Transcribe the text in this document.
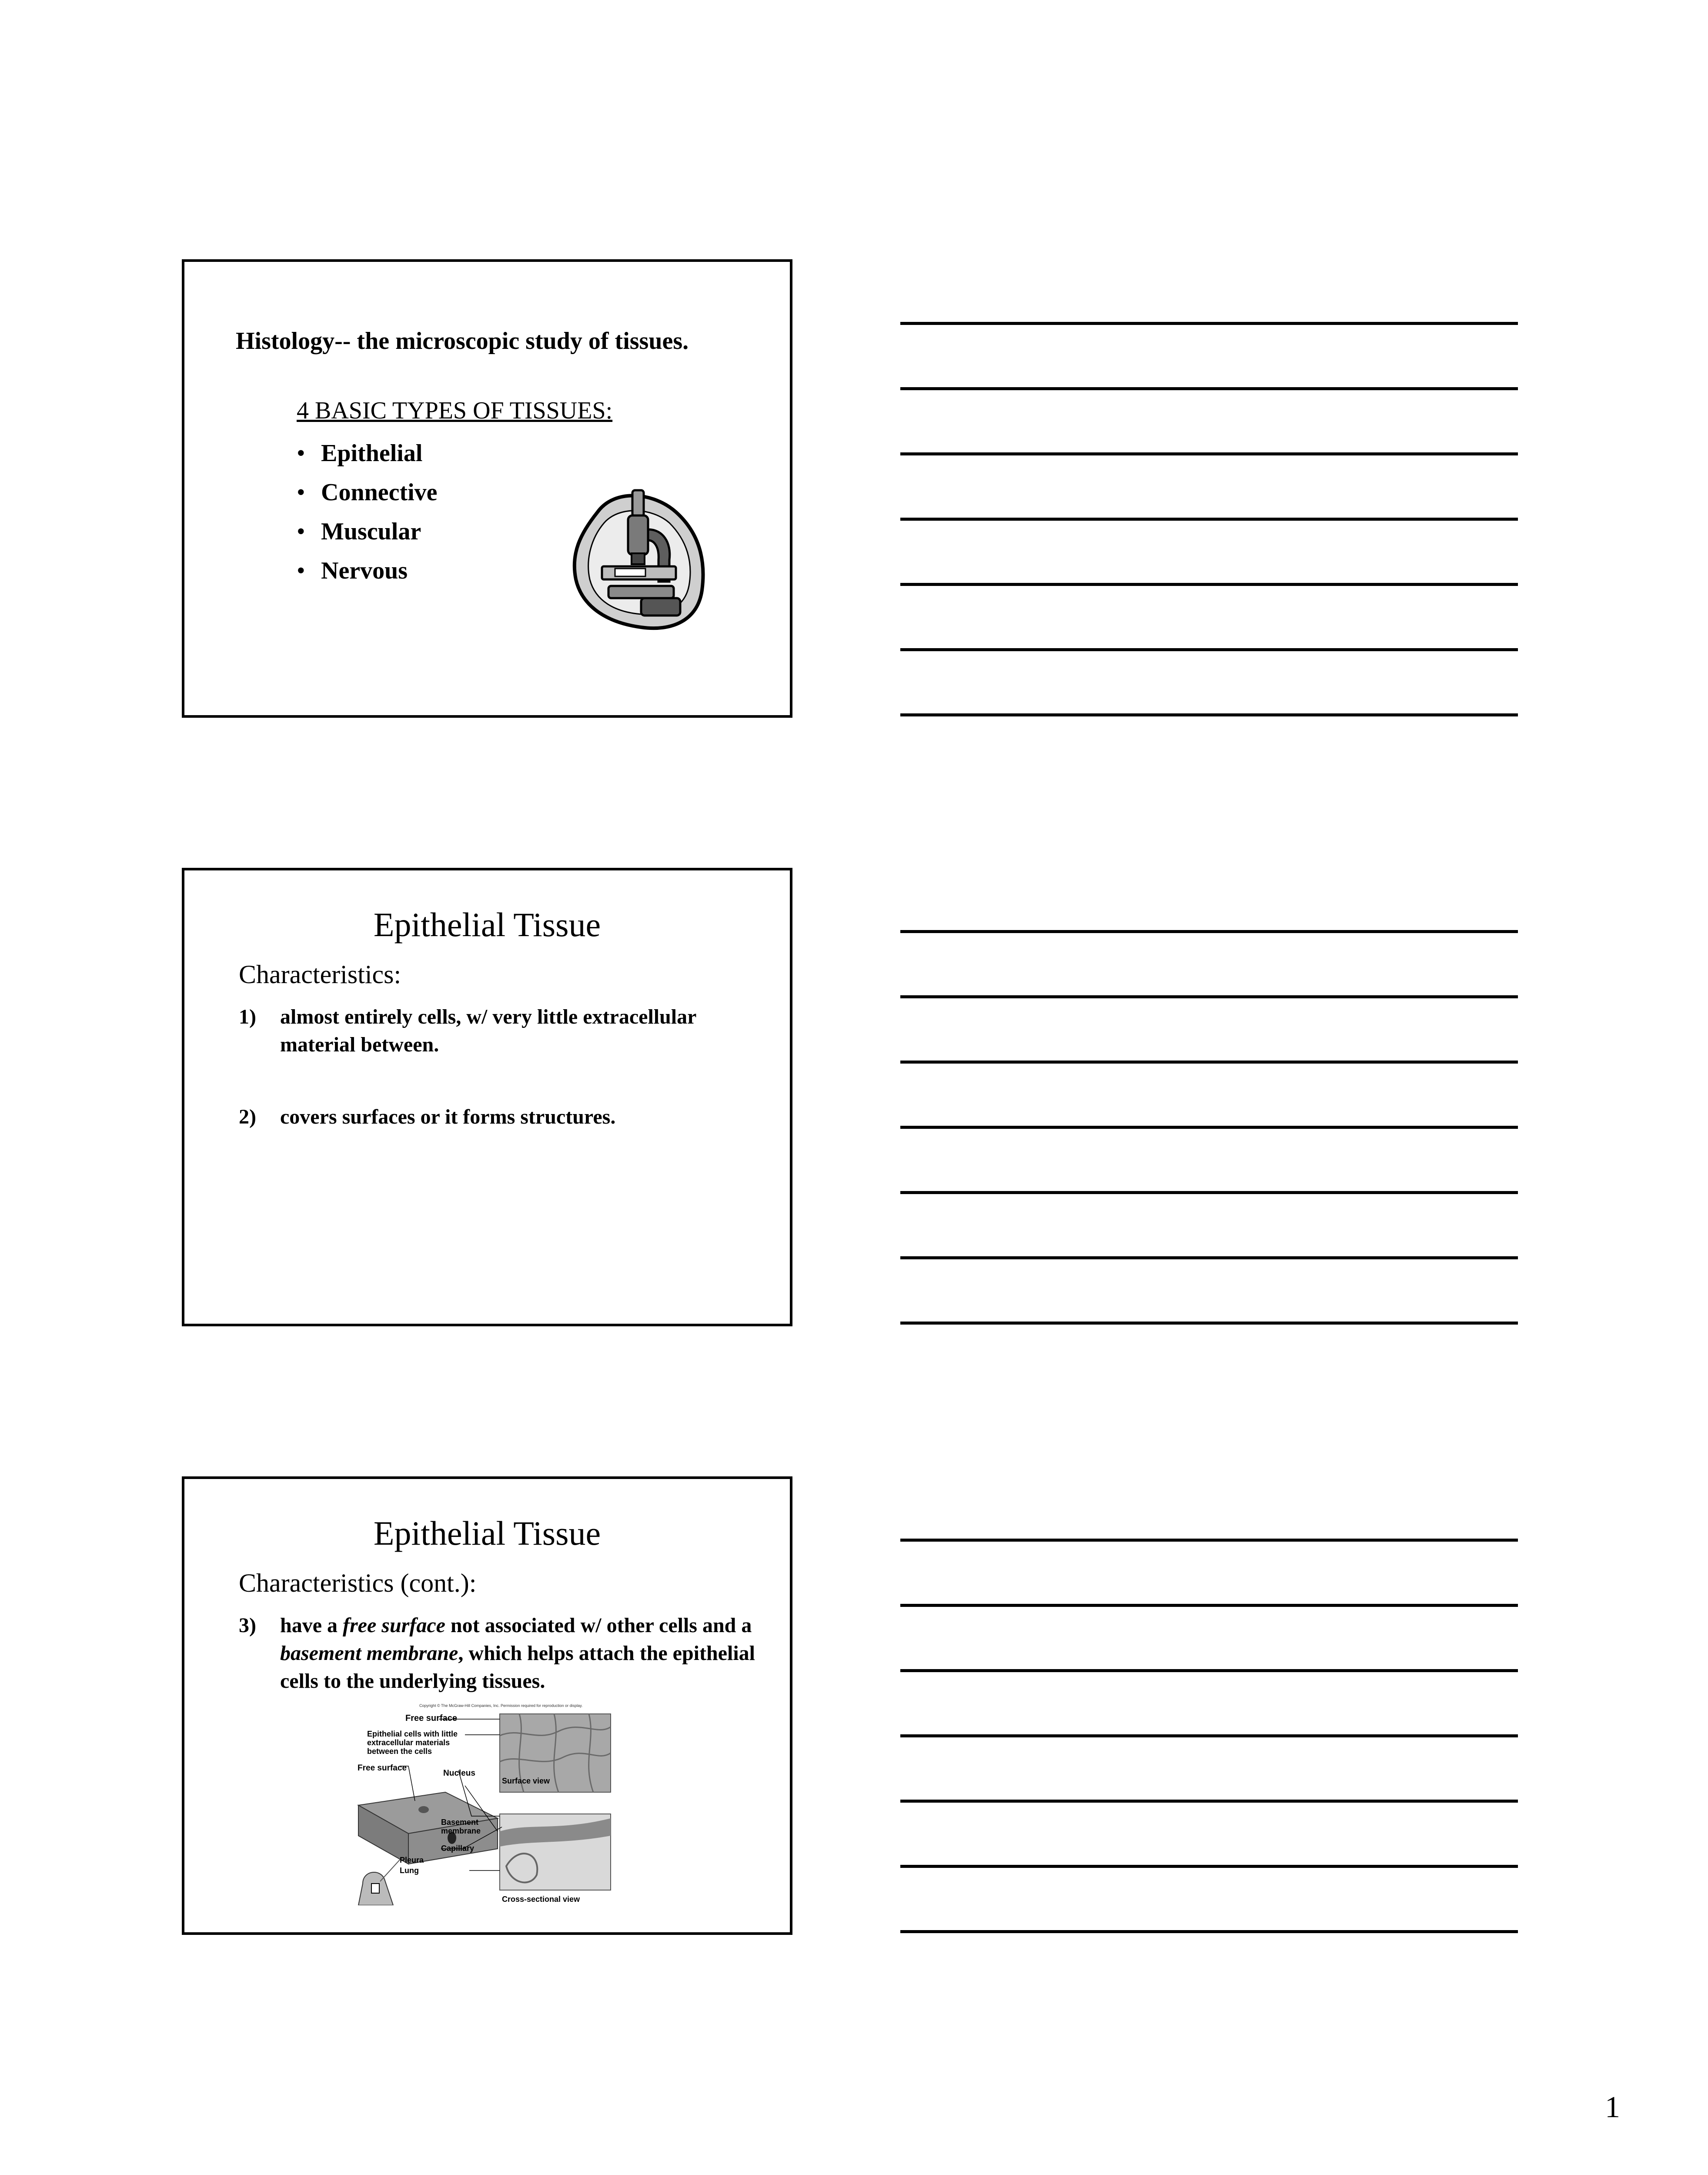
Histology-- the microscopic study of tissues.
4 BASIC TYPES OF TISSUES:
• Epithelial
• Connective
• Muscular
• Nervous
Epithelial Tissue
Characteristics:
1)	almost entirely cells, w/ very little extracellular material between.
2)	covers surfaces or it forms structures.
Epithelial Tissue
Characteristics (cont.):
3)	have a free surface not associated w/ other cells and a basement membrane, which helps attach the epithelial cells to the underlying tissues.
Copyright © The McGraw-Hill Companies, Inc. Permission required for reproduction or display.
Free surface
Epithelial cells with little
extracellular materials
between the cells
Free surface
Nucleus
Surface view
Basement
membrane
Capillary
Pleura
Lung
Cross-sectional view
1
